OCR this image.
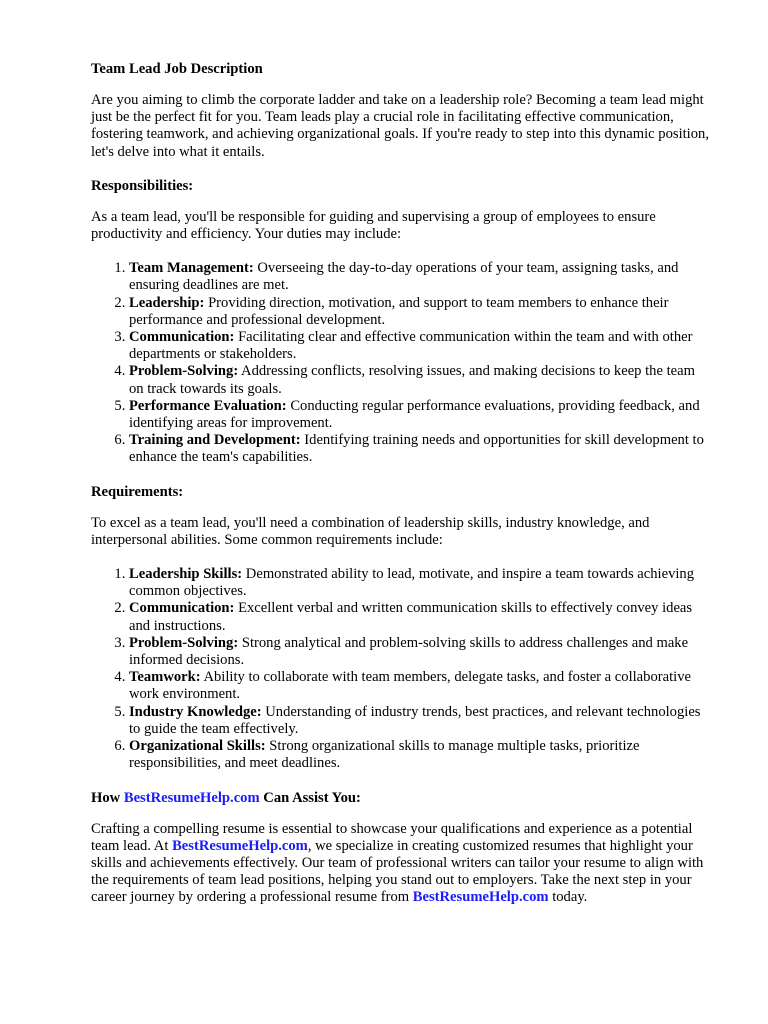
Team Lead Job Description

Are you aiming to climb the corporate ladder and take on a leadership role? Becoming a team lead might just be the perfect fit for you. Team leads play a crucial role in facilitating effective communication, fostering teamwork, and achieving organizational goals. If you're ready to step into this dynamic position, let's delve into what it entails.

Responsibilities:

As a team lead, you'll be responsible for guiding and supervising a group of employees to ensure productivity and efficiency. Your duties may include:

1. Team Management: Overseeing the day-to-day operations of your team, assigning tasks, and ensuring deadlines are met.
2. Leadership: Providing direction, motivation, and support to team members to enhance their performance and professional development.
3. Communication: Facilitating clear and effective communication within the team and with other departments or stakeholders.
4. Problem-Solving: Addressing conflicts, resolving issues, and making decisions to keep the team on track towards its goals.
5. Performance Evaluation: Conducting regular performance evaluations, providing feedback, and identifying areas for improvement.
6. Training and Development: Identifying training needs and opportunities for skill development to enhance the team's capabilities.
Requirements:

To excel as a team lead, you'll need a combination of leadership skills, industry knowledge, and interpersonal abilities. Some common requirements include:

1. Leadership Skills: Demonstrated ability to lead, motivate, and inspire a team towards achieving common objectives.
2. Communication: Excellent verbal and written communication skills to effectively convey ideas and instructions.
3. Problem-Solving: Strong analytical and problem-solving skills to address challenges and make informed decisions.
4. Teamwork: Ability to collaborate with team members, delegate tasks, and foster a collaborative work environment.
5. Industry Knowledge: Understanding of industry trends, best practices, and relevant technologies to guide the team effectively.
6. Organizational Skills: Strong organizational skills to manage multiple tasks, prioritize responsibilities, and meet deadlines.
How BestResumeHelp.com Can Assist You:

Crafting a compelling resume is essential to showcase your qualifications and experience as a potential team lead. At BestResumeHelp.com, we specialize in creating customized resumes that highlight your skills and achievements effectively. Our team of professional writers can tailor your resume to align with the requirements of team lead positions, helping you stand out to employers. Take the next step in your career journey by ordering a professional resume from BestResumeHelp.com today.
